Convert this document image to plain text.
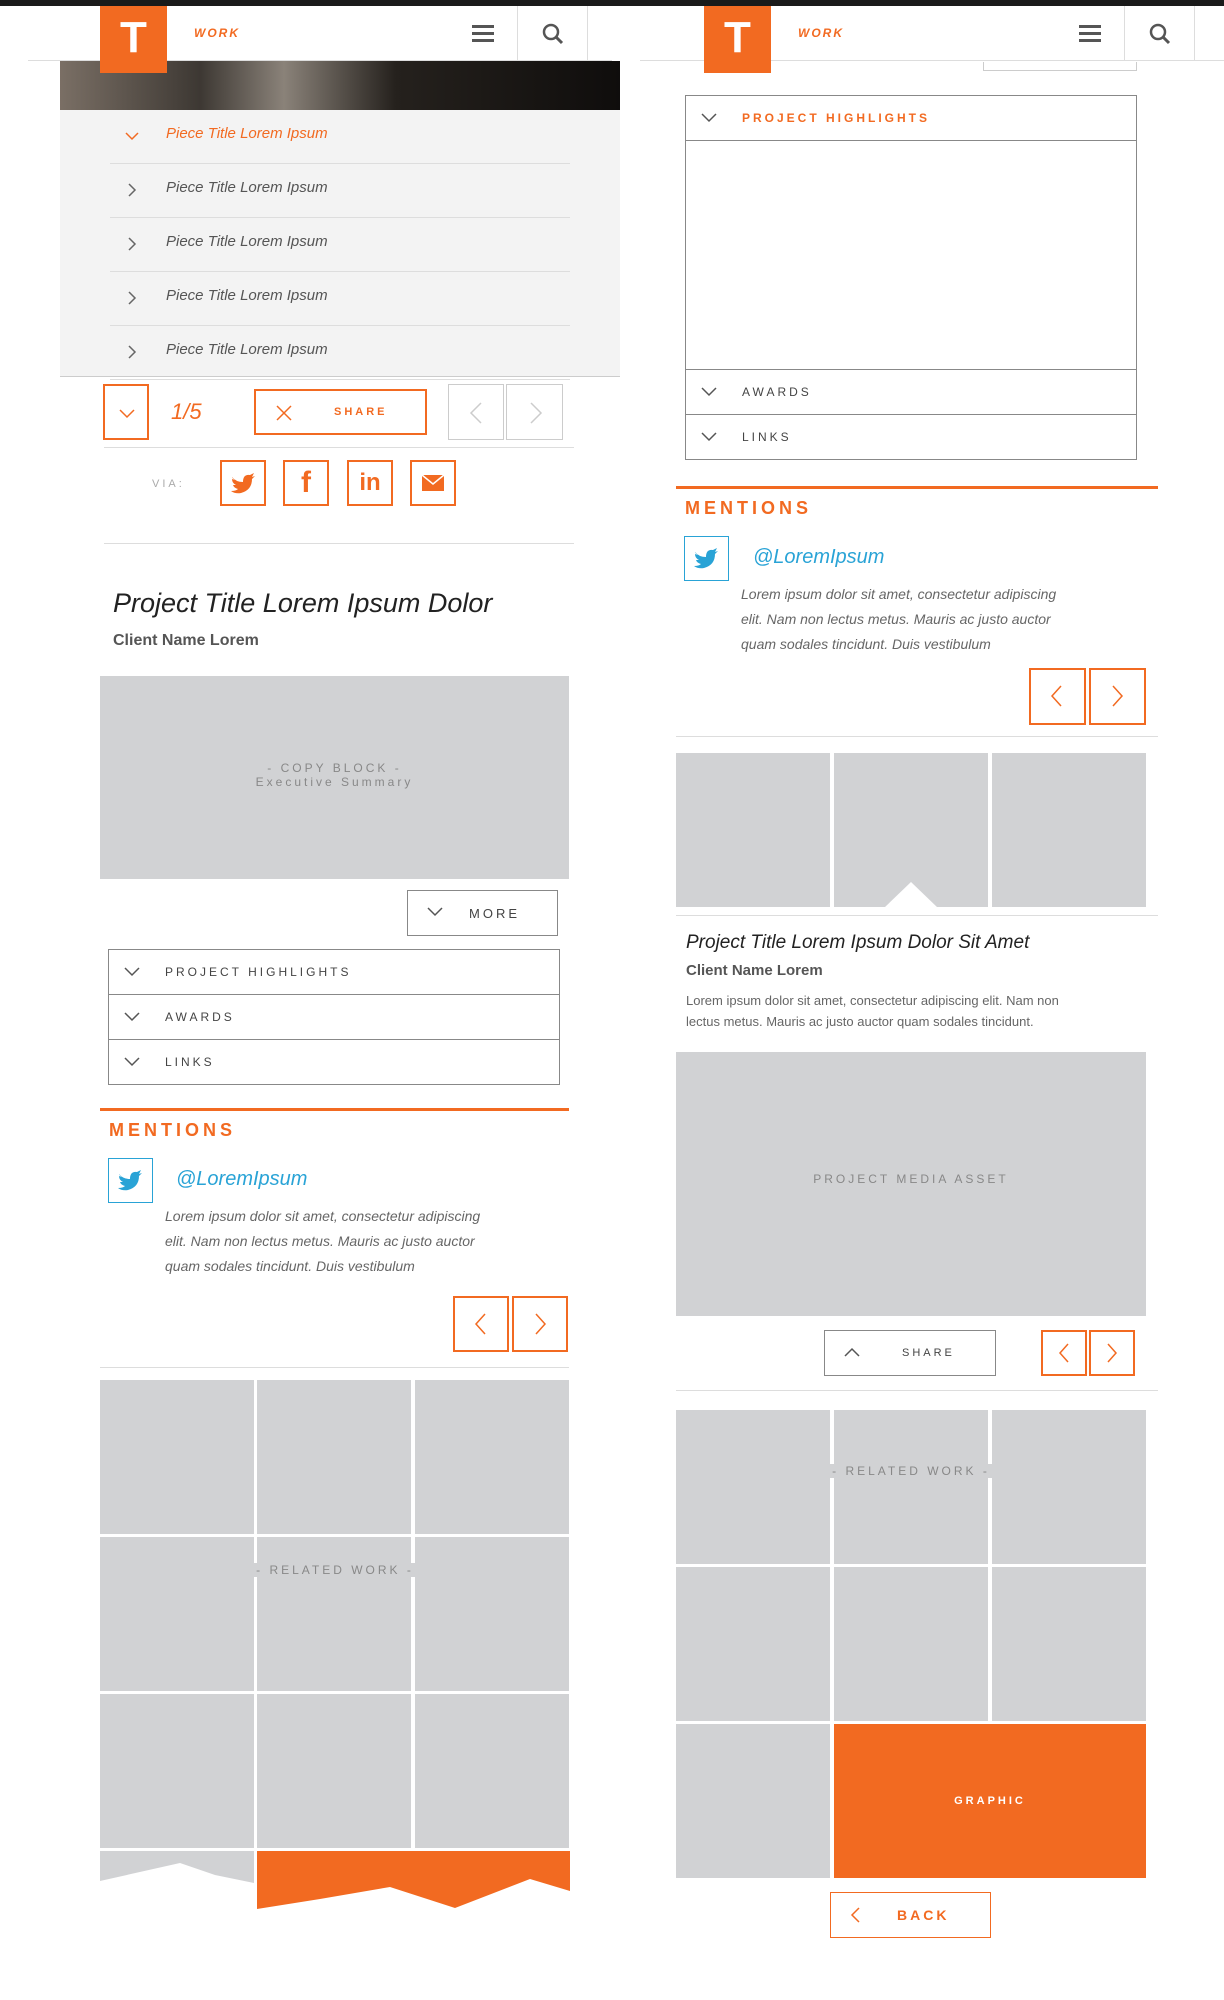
Piece Title Lorem Ipsum
Piece Title Lorem Ipsum
Piece Title Lorem Ipsum
Piece Title Lorem Ipsum
Piece Title Lorem Ipsum
T	WORK
1/5	SHARE
VIA:	f	in
Project Title Lorem Ipsum Dolor
Client Name Lorem
- COPY BLOCK -
Executive Summary
MORE
PROJECT HIGHLIGHTS
AWARDS
LINKS
MENTIONS
@LoremIpsum
Lorem ipsum dolor sit amet, consectetur adipiscing
elit. Nam non lectus metus. Mauris ac justo auctor
quam sodales tincidunt. Duis vestibulum
- RELATED WORK -
T	WORK
PROJECT HIGHLIGHTS
AWARDS
LINKS
MENTIONS
@LoremIpsum
Lorem ipsum dolor sit amet, consectetur adipiscing
elit. Nam non lectus metus. Mauris ac justo auctor
quam sodales tincidunt. Duis vestibulum
Project Title Lorem Ipsum Dolor Sit Amet
Client Name Lorem
Lorem ipsum dolor sit amet, consectetur adipiscing elit. Nam non
lectus metus. Mauris ac justo auctor quam sodales tincidunt.
PROJECT MEDIA ASSET
SHARE
GRAPHIC
- RELATED WORK -
BACK
